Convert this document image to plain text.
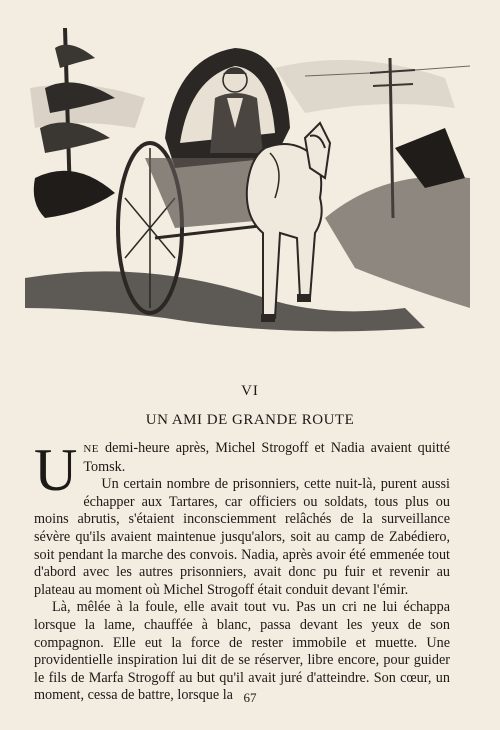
VI
UN AMI DE GRANDE ROUTE

UNE demi-heure après, Michel Strogoff et Nadia avaient quitté Tomsk.

Un certain nombre de prisonniers, cette nuit-là, purent aussi échapper aux Tartares, car officiers ou soldats, tous plus ou moins abrutis, s'étaient inconsciemment relâchés de la surveillance sévère qu'ils avaient maintenue jusqu'alors, soit au camp de Zabédiero, soit pendant la marche des convois. Nadia, après avoir été emmenée tout d'abord avec les autres prisonniers, avait donc pu fuir et revenir au plateau au moment où Michel Strogoff était conduit devant l'émir.

Là, mêlée à la foule, elle avait tout vu. Pas un cri ne lui échappa lorsque la lame, chauffée à blanc, passa devant les yeux de son compagnon. Elle eut la force de rester immobile et muette. Une providentielle inspiration lui dit de se réserver, libre encore, pour guider le fils de Marfa Strogoff au but qu'il avait juré d'atteindre. Son cœur, un moment, cessa de battre, lorsque la 67
